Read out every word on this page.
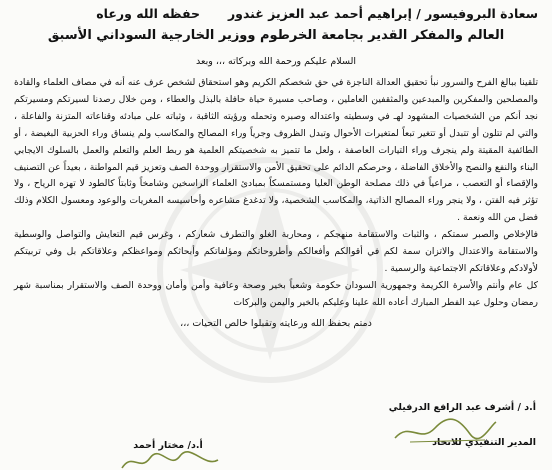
سعادة البروفيسور / إبراهيم أحمد عبد العزيز غندورحفظه الله ورعاه
العالم والمفكر القدير بجامعة الخرطوم ووزير الخارجية السوداني الأسبق
السلام عليكم ورحمة الله وبركاته ،،، وبعد
تلقينا ببالغ الفرح والسرور نبأ تحقيق العدالة الناجزة في حق شخصكم الكريم وهو استحقاق لشخص عرف عنه أنه في مصاف العلماء والقادة والمصلحين والمفكرين والمبدعين والمثقفين العاملين ، وصاحب مسيرة حياة حافلة بالبذل والعطاء ، ومن خلال رصدنا لسيرتكم ومسيرتكم نجد أنكم من الشخصيات المشهود لهـ في وسطيته واعتداله وصبره وتحمله ورؤيته الثاقبة ، وثباته على مبادئه وقناعاته المتزنة والفاعلة ، والتي لم تتلون أو تتبدل أو تتغير تبعاً لمتغيرات الأحوال وتبدل الظروف وجرياً وراء المصالح والمكاسب ولم ينساق وراء الحزبية البغيضة ، أو الطائفية المقيتة ولم ينجرف وراء التيارات العاصفة ، ولعل ما تتميز به شخصيتكم العلمية هو ربط العلم والتعلم والعمل بالسلوك الايجابي البناء والنفع والنصح والأخلاق الفاضلة ، وحرصكم الدائم على تحقيق الأمن والاستقرار ووحدة الصف وتعزيز قيم المواطنة ، بعيداً عن التصنيف والإقصاء أو التعصب ، مراعياً في ذلك مصلحة الوطن العليا ومستمسكاً بمبادئ العلماء الراسخين وشامخاً وثابتاً كالطود لا تهزه الرياح ، ولا تؤثر فيه الفتن ، ولا ينجر وراء المصالح الذاتية، والمكاسب الشخصية، ولا تدغدغ مشاعره وأحاسيسه المغريات والوعود ومعسول الكلام وذلك فضل من الله ونعمة .
فالإخلاص والصبر سمتكم ، والثبات والاستقامة منهجكم ، ومحاربة الغلو والتطرف شعاركم ، وغرس قيم التعايش والتواصل والوسطية والاستقامة والاعتدال والاتزان سمة لكم في أقوالكم وأفعالكم وأطروحاتكم ومؤلفاتكم وأبحاثكم ومواعظكم وعلاقاتكم بل وفي تربيتكم لأولادكم وعلاقاتكم الاجتماعية والرسمية .
كل عام وأنتم والأسرة الكريمة وجمهورية السودان حكومة وشعباً بخير وصحة وعافية وأمن وأمان ووحدة الصف والاستقرار بمناسبة شهر رمضان وحلول عيد الفطر المبارك أعاده الله علينا وعليكم بالخير واليمن والبركات
دمتم بحفظ الله ورعايته وتقبلوا خالص التحيات ،،،
أ.د / أشرف عبد الرافع الدرفيلي
المدير التنفيذي للاتحاد
أ.د/ مختار أحمد
